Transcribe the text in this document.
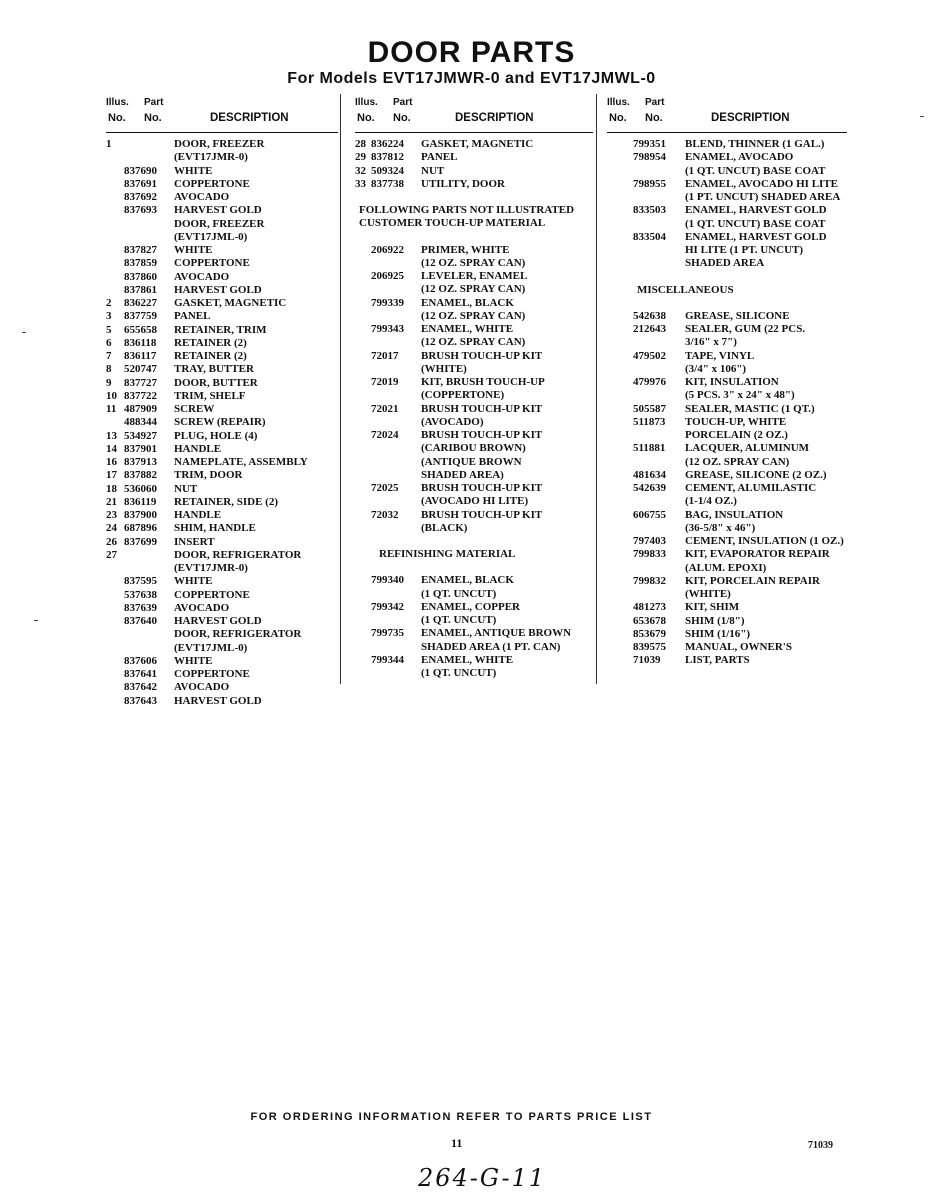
DOOR PARTS
For Models EVT17JMWR-0 and EVT17JMWL-0
Illus. Part
No. No.	DESCRIPTION
1	DOOR, FREEZER
(EVT17JMR-0)
837690	WHITE
837691	COPPERTONE
837692	AVOCADO
837693	HARVEST GOLD
DOOR, FREEZER
(EVT17JML-0)
837827	WHITE
837859	COPPERTONE
837860	AVOCADO
837861	HARVEST GOLD
2	836227	GASKET, MAGNETIC
3	837759	PANEL
5	655658	RETAINER, TRIM
6	836118	RETAINER (2)
7	836117	RETAINER (2)
8	520747	TRAY, BUTTER
9	837727	DOOR, BUTTER
10 837722	TRIM, SHELF
11 487909	SCREW
488344	SCREW (REPAIR)
13 534927	PLUG, HOLE (4)
14 837901	HANDLE
16 837913	NAMEPLATE, ASSEMBLY
17 837882	TRIM, DOOR
18 536060	NUT
21 836119	RETAINER, SIDE (2)
23 837900	HANDLE
24 687896	SHIM, HANDLE
26 837699	INSERT
27	DOOR, REFRIGERATOR
(EVT17JMR-0)
837595	WHITE
537638	COPPERTONE
837639	AVOCADO
837640	HARVEST GOLD
DOOR, REFRIGERATOR
(EVT17JML-0)
837606	WHITE
837641	COPPERTONE
837642	AVOCADO
837643	HARVEST GOLD
Illus. Part
No. No.	DESCRIPTION
28 836224	GASKET, MAGNETIC
29 837812	PANEL
32 509324	NUT
33 837738	UTILITY, DOOR
FOLLOWING PARTS NOT ILLUSTRATED
CUSTOMER TOUCH-UP MATERIAL
206922	PRIMER, WHITE
(12 OZ. SPRAY CAN)
206925	LEVELER, ENAMEL
(12 OZ. SPRAY CAN)
799339	ENAMEL, BLACK
(12 OZ. SPRAY CAN)
799343	ENAMEL, WHITE
(12 OZ. SPRAY CAN)
72017	BRUSH TOUCH-UP KIT
(WHITE)
72019	KIT, BRUSH TOUCH-UP
(COPPERTONE)
72021	BRUSH TOUCH-UP KIT
(AVOCADO)
72024	BRUSH TOUCH-UP KIT
(CARIBOU BROWN)
(ANTIQUE BROWN
SHADED AREA)
72025	BRUSH TOUCH-UP KIT
(AVOCADO HI LITE)
72032	BRUSH TOUCH-UP KIT
(BLACK)
REFINISHING MATERIAL
799340	ENAMEL, BLACK
(1 QT. UNCUT)
799342	ENAMEL, COPPER
(1 QT. UNCUT)
799735	ENAMEL, ANTIQUE BROWN
SHADED AREA (1 PT. CAN)
799344	ENAMEL, WHITE
(1 QT. UNCUT)
Illus. Part
No. No.	DESCRIPTION
799351	BLEND, THINNER (1 GAL.)
798954	ENAMEL, AVOCADO
(1 QT. UNCUT) BASE COAT
798955	ENAMEL, AVOCADO HI LITE
(1 PT. UNCUT) SHADED AREA
833503	ENAMEL, HARVEST GOLD
(1 QT. UNCUT) BASE COAT
833504	ENAMEL, HARVEST GOLD
HI LITE (1 PT. UNCUT)
SHADED AREA
MISCELLANEOUS
542638	GREASE, SILICONE
212643	SEALER, GUM (22 PCS.
3/16" x 7")
479502	TAPE, VINYL
(3/4" x 106")
479976	KIT, INSULATION
(5 PCS. 3" x 24" x 48")
505587	SEALER, MASTIC (1 QT.)
511873	TOUCH-UP, WHITE
PORCELAIN (2 OZ.)
511881	LACQUER, ALUMINUM
(12 OZ. SPRAY CAN)
481634	GREASE, SILICONE (2 OZ.)
542639	CEMENT, ALUMILASTIC
(1-1/4 OZ.)
606755	BAG, INSULATION
(36-5/8" x 46")
797403	CEMENT, INSULATION (1 OZ.)
799833	KIT, EVAPORATOR REPAIR
(ALUM. EPOXI)
799832	KIT, PORCELAIN REPAIR
(WHITE)
481273	KIT, SHIM
653678	SHIM (1/8")
853679	SHIM (1/16")
839575	MANUAL, OWNER'S
71039	LIST, PARTS
FOR ORDERING INFORMATION REFER TO PARTS PRICE LIST
11	71039
264-G-11
